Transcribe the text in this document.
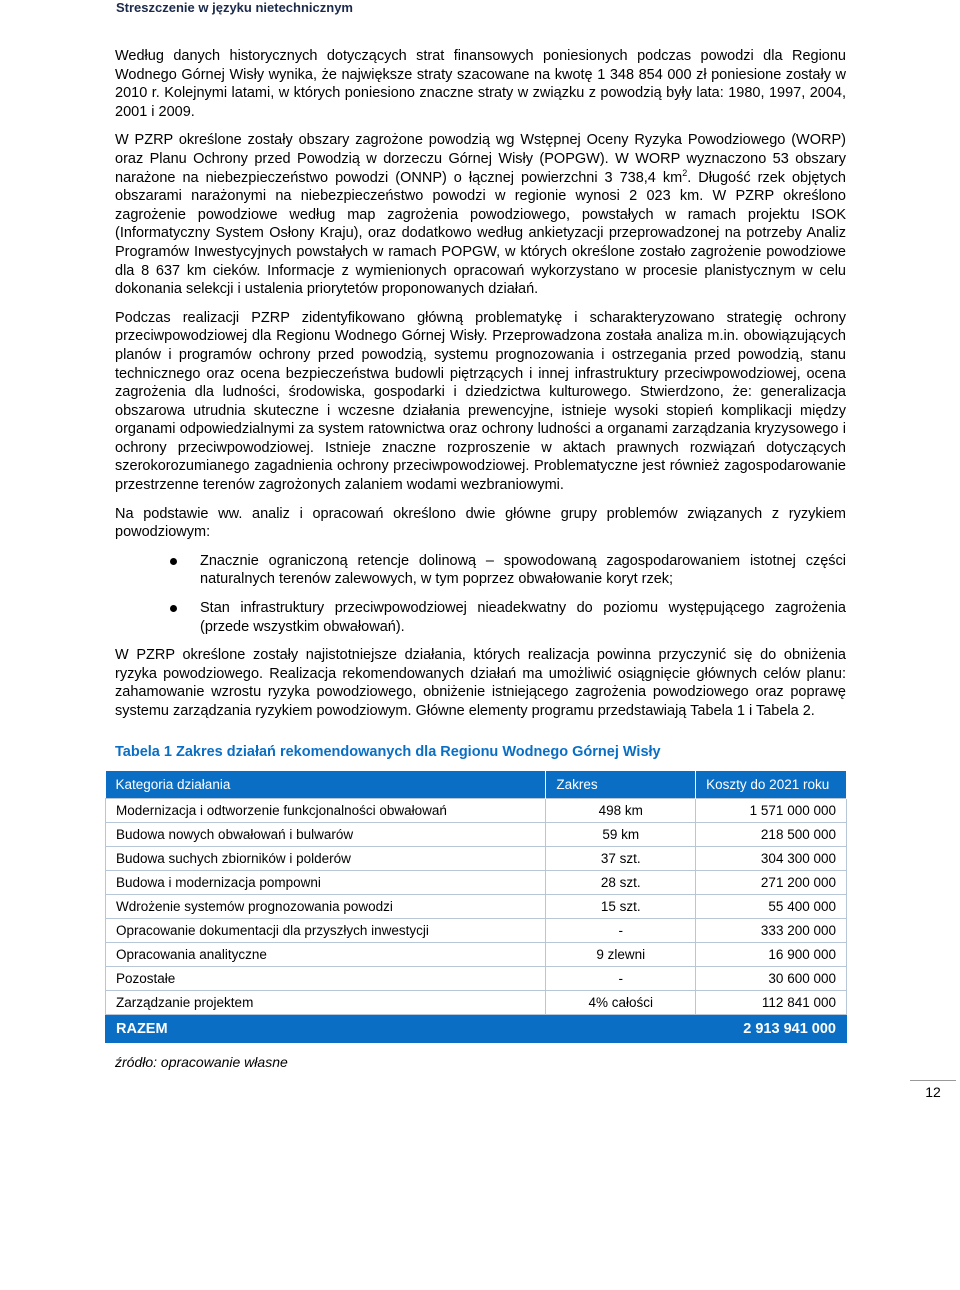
Streszczenie w języku nietechnicznym

Według danych historycznych dotyczących strat finansowych poniesionych podczas powodzi dla Regionu Wodnego Górnej Wisły wynika, że największe straty szacowane na kwotę 1 348 854 000 zł poniesione zostały w 2010 r. Kolejnymi latami, w których poniesiono znaczne straty w związku z powodzią były lata: 1980, 1997, 2004, 2001 i 2009.

W PZRP określone zostały obszary zagrożone powodzią wg Wstępnej Oceny Ryzyka Powodziowego (WORP) oraz Planu Ochrony przed Powodzią w dorzeczu Górnej Wisły (POPGW). W WORP wyznaczono 53 obszary narażone na niebezpieczeństwo powodzi (ONNP) o łącznej powierzchni 3 738,4 $km^2$. Długość rzek objętych obszarami narażonymi na niebezpieczeństwo powodzi w regionie wynosi 2 023 km. W PZRP określono zagrożenie powodziowe według map zagrożenia powodziowego, powstałych w ramach projektu ISOK (Informatyczny System Osłony Kraju), oraz dodatkowo według ankietyzacji przeprowadzonej na potrzeby Analiz Programów Inwestycyjnych powstałych w ramach POPGW, w których określone zostało zagrożenie powodziowe dla 8 637 km cieków. Informacje z wymienionych opracowań wykorzystano w procesie planistycznym w celu dokonania selekcji i ustalenia priorytetów proponowanych działań.

Podczas realizacji PZRP zidentyfikowano główną problematykę i scharakteryzowano strategię ochrony przeciwpowodziowej dla Regionu Wodnego Górnej Wisły. Przeprowadzona została analiza m.in. obowiązujących planów i programów ochrony przed powodzią, systemu prognozowania i ostrzegania przed powodzią, stanu technicznego oraz ocena bezpieczeństwa budowli piętrzących i innej infrastruktury przeciwpowodziowej, ocena zagrożenia dla ludności, środowiska, gospodarki i dziedzictwa kulturowego. Stwierdzono, że: generalizacja obszarowa utrudnia skuteczne i wczesne działania prewencyjne, istnieje wysoki stopień komplikacji między organami odpowiedzialnymi za system ratownictwa oraz ochrony ludności a organami zarządzania kryzysowego i ochrony przeciwpowodziowej. Istnieje znaczne rozproszenie w aktach prawnych rozwiązań dotyczących szerokorozumianego zagadnienia ochrony przeciwpowodziowej. Problematyczne jest również zagospodarowanie przestrzenne terenów zagrożonych zalaniem wodami wezbraniowymi.

Na podstawie ww. analiz i opracowań określono dwie główne grupy problemów związanych z ryzykiem powodziowym:

Znacznie ograniczoną retencje dolinową – spowodowaną zagospodarowaniem istotnej części naturalnych terenów zalewowych, w tym poprzez obwałowanie koryt rzek;
Stan infrastruktury przeciwpowodziowej nieadekwatny do poziomu występującego zagrożenia (przede wszystkim obwałowań).

W PZRP określone zostały najistotniejsze działania, których realizacja powinna przyczynić się do obniżenia ryzyka powodziowego. Realizacja rekomendowanych działań ma umożliwić osiągnięcie głównych celów planu: zahamowanie wzrostu ryzyka powodziowego, obniżenie istniejącego zagrożenia powodziowego oraz poprawę systemu zarządzania ryzykiem powodziowym. Główne elementy programu przedstawiają Tabela 1 i Tabela 2.

Tabela 1 Zakres działań rekomendowanych dla Regionu Wodnego Górnej Wisły
Kategoria działania	Zakres	Koszty do 2021 roku
Modernizacja i odtworzenie funkcjonalności obwałowań	498 km	1 571 000 000
Budowa nowych obwałowań i bulwarów	59 km	218 500 000
Budowa suchych zbiorników i polderów	37 szt.	304 300 000
Budowa i modernizacja pompowni	28 szt.	271 200 000
Wdrożenie systemów prognozowania powodzi	15 szt.	55 400 000
Opracowanie dokumentacji dla przyszłych inwestycji	-	333 200 000
Opracowania analityczne	9 zlewni	16 900 000
Pozostałe	-	30 600 000
Zarządzanie projektem	4% całości	112 841 000
RAZEM		2 913 941 000
źródło: opracowanie własne
12
